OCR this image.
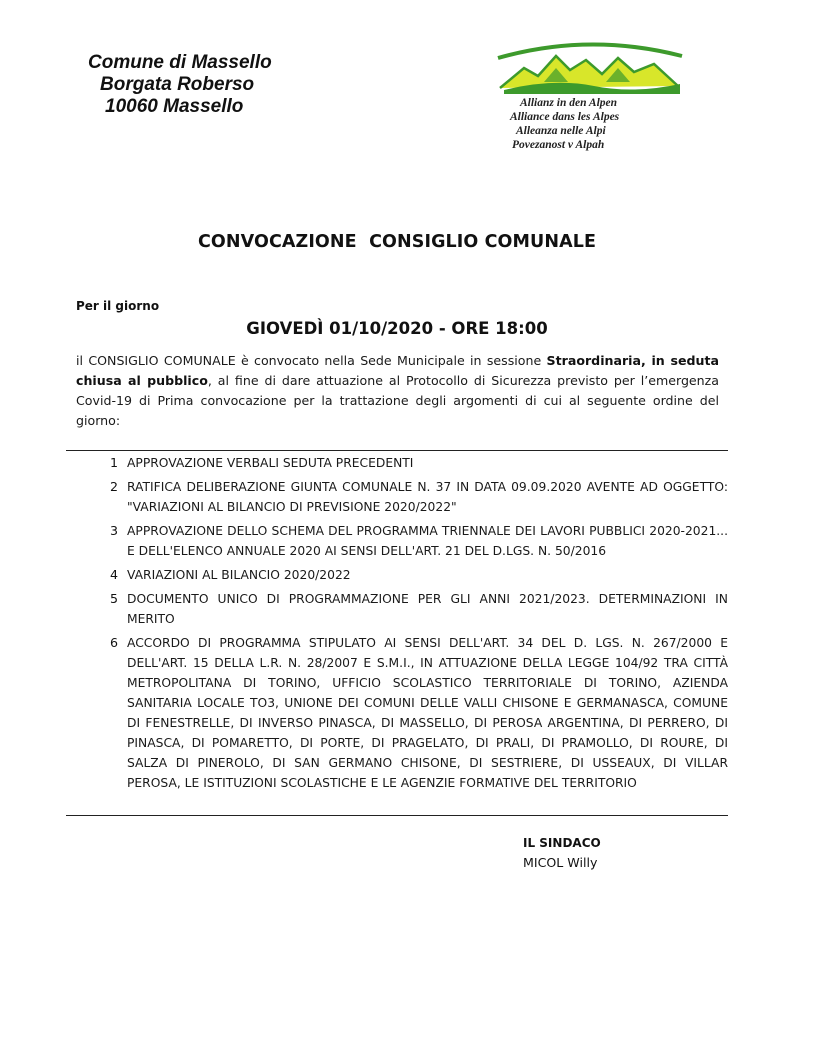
Comune di Massello
Borgata Roberso
10060 Massello	Allianz in den Alpen
Alliance dans les Alpes
Alleanza nelle Alpi
Povezanost v Alpah
CONVOCAZIONE  CONSIGLIO COMUNALE
Per il giorno
GIOVEDÌ 01/10/2020 - ORE 18:00
il CONSIGLIO COMUNALE è convocato nella Sede Municipale in sessione Straordinaria, in seduta chiusa al pubblico, al fine di dare attuazione al Protocollo di Sicurezza previsto per l’emergenza Covid-19 di Prima convocazione per la trattazione degli argomenti di cui al seguente ordine del giorno:
1 APPROVAZIONE VERBALI SEDUTA PRECEDENTI
2 RATIFICA DELIBERAZIONE GIUNTA COMUNALE N. 37 IN DATA 09.09.2020 AVENTE AD OGGETTO: "VARIAZIONI AL BILANCIO DI PREVISIONE 2020/2022"
3 APPROVAZIONE DELLO SCHEMA DEL PROGRAMMA TRIENNALE DEI LAVORI PUBBLICI 2020-2021... E DELL'ELENCO ANNUALE 2020 AI SENSI DELL'ART. 21 DEL D.LGS. N. 50/2016
4 VARIAZIONI AL BILANCIO 2020/2022
5 DOCUMENTO UNICO DI PROGRAMMAZIONE PER GLI ANNI 2021/2023. DETERMINAZIONI IN MERITO
6 ACCORDO DI PROGRAMMA STIPULATO AI SENSI DELL'ART. 34 DEL D. LGS. N. 267/2000 E DELL'ART. 15 DELLA L.R. N. 28/2007 E S.M.I., IN ATTUAZIONE DELLA LEGGE 104/92 TRA CITTÀ METROPOLITANA DI TORINO, UFFICIO SCOLASTICO TERRITORIALE DI TORINO, AZIENDA SANITARIA LOCALE TO3, UNIONE DEI COMUNI DELLE VALLI CHISONE E GERMANASCA, COMUNE DI FENESTRELLE, DI INVERSO PINASCA, DI MASSELLO, DI PEROSA ARGENTINA, DI PERRERO, DI PINASCA, DI POMARETTO, DI PORTE, DI PRAGELATO, DI PRALI, DI PRAMOLLO, DI ROURE, DI SALZA DI PINEROLO, DI SAN GERMANO CHISONE, DI SESTRIERE, DI USSEAUX, DI VILLAR PEROSA, LE ISTITUZIONI SCOLASTICHE E LE AGENZIE FORMATIVE DEL TERRITORIO
IL SINDACO
MICOL Willy
